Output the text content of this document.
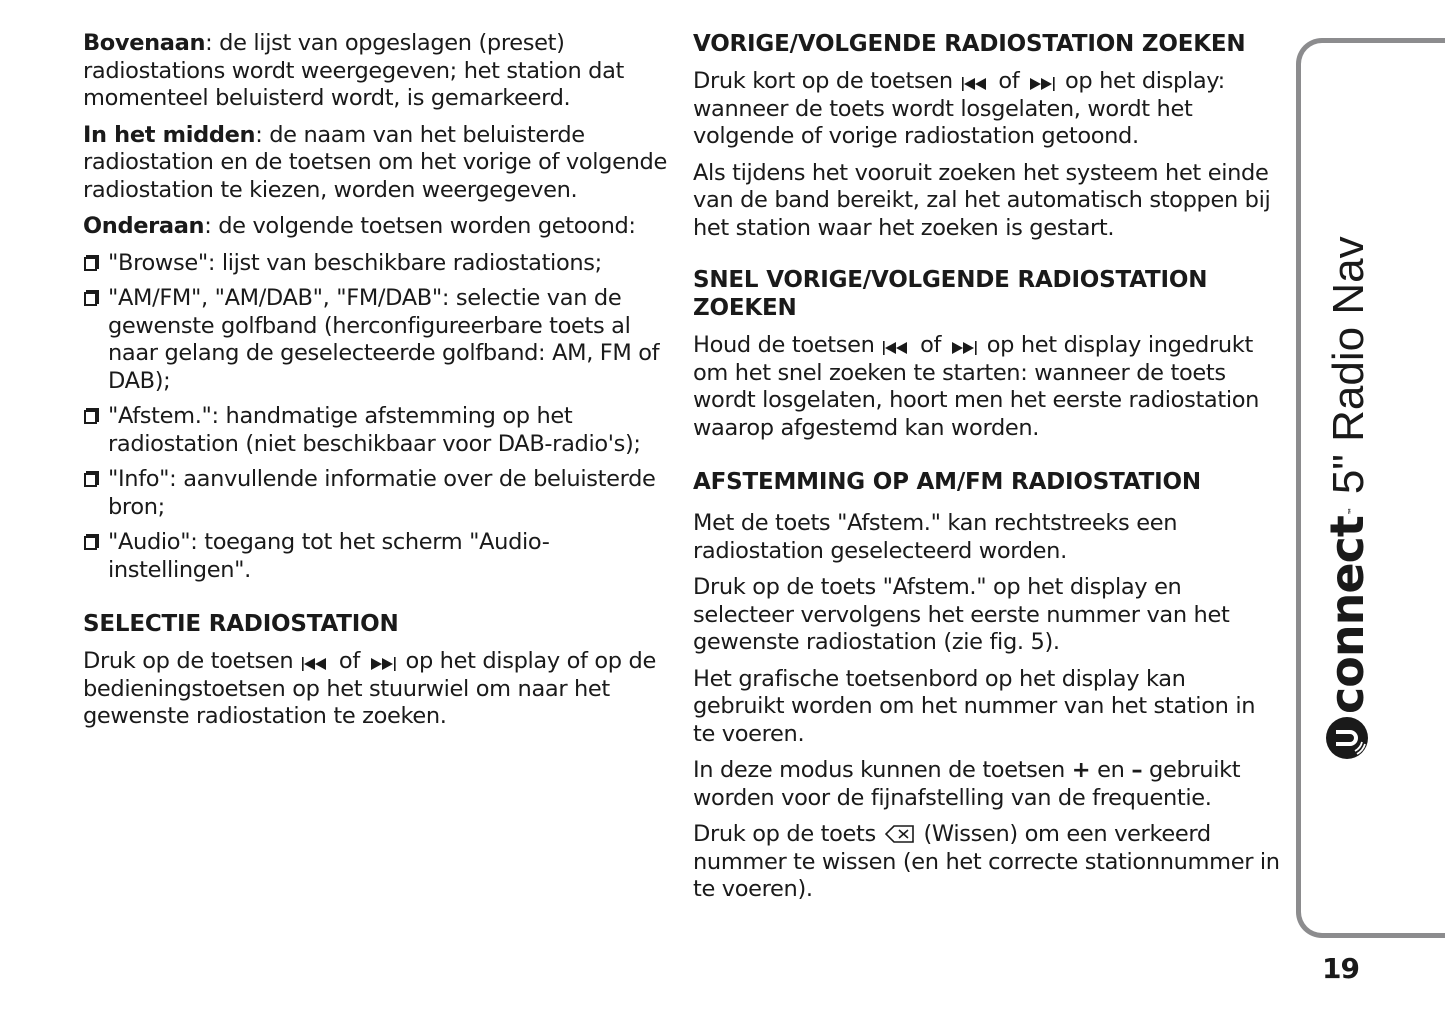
Bovenaan: de lijst van opgeslagen (preset) radiostations wordt weergegeven; het station dat momenteel beluisterd wordt, is gemarkeerd.

In het midden: de naam van het beluisterde radiostation en de toetsen om het vorige of volgende radiostation te kiezen, worden weergegeven.

Onderaan: de volgende toetsen worden getoond:

"Browse": lijst van beschikbare radiostations;
"AM/FM", "AM/DAB", "FM/DAB": selectie van de gewenste golfband (herconfigureerbare toets al naar gelang de geselecteerde golfband: AM, FM of DAB);
"Afstem.": handmatige afstemming op het radiostation (niet beschikbaar voor DAB-radio's);
"Info": aanvullende informatie over de beluisterde bron;
"Audio": toegang tot het scherm "Audio-instellingen".
SELECTIE RADIOSTATION

Druk op de toetsen of op het display of op de bedieningstoetsen op het stuurwiel om naar het gewenste radiostation te zoeken.

VORIGE/VOLGENDE RADIOSTATION ZOEKEN

Druk kort op de toetsen of op het display: wanneer de toets wordt losgelaten, wordt het volgende of vorige radiostation getoond.

Als tijdens het vooruit zoeken het systeem het einde van de band bereikt, zal het automatisch stoppen bij het station waar het zoeken is gestart.

SNEL VORIGE/VOLGENDE RADIOSTATION ZOEKEN

Houd de toetsen of op het display ingedrukt om het snel zoeken te starten: wanneer de toets wordt losgelaten, hoort men het eerste radiostation waarop afgestemd kan worden.

AFSTEMMING OP AM/FM RADIOSTATION

Met de toets "Afstem." kan rechtstreeks een radiostation geselecteerd worden.

Druk op de toets "Afstem." op het display en selecteer vervolgens het eerste nummer van het gewenste radiostation (zie fig. 5).

Het grafische toetsenbord op het display kan gebruikt worden om het nummer van het station in te voeren.

In deze modus kunnen de toetsen + en – gebruikt worden voor de fijnafstelling van de frequentie.

Druk op de toets (Wissen) om een verkeerd nummer te wissen (en het correcte stationnummer in te voeren).

connect
™
5" Radio Nav
19
